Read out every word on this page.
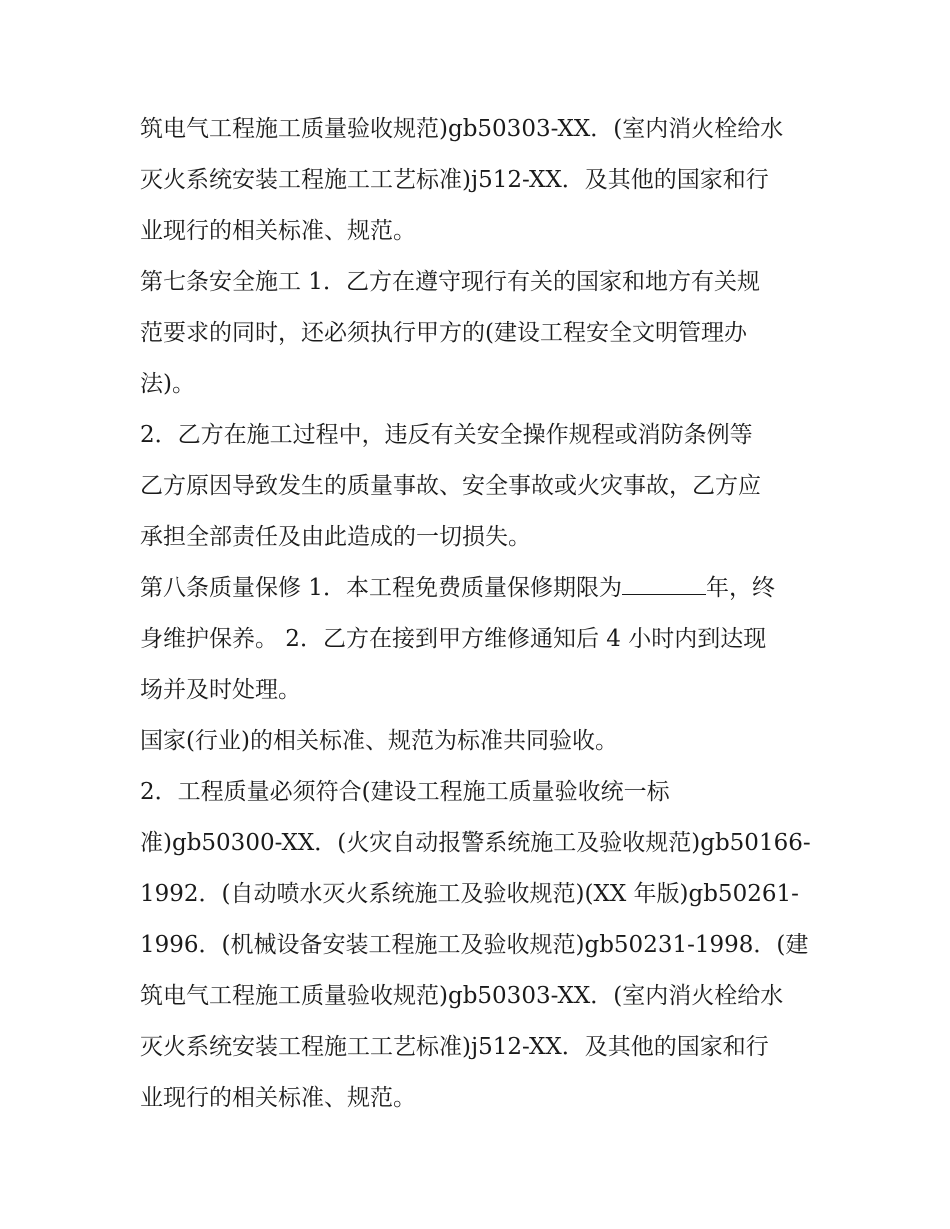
筑电气工程施工质量验收规范)gb50303-XX．(室内消火栓给水
灭火系统安装工程施工工艺标准)j512-XX．及其他的国家和行
业现行的相关标准、规范。
第七条安全施工 1．乙方在遵守现行有关的国家和地方有关规
范要求的同时，还必须执行甲方的(建设工程安全文明管理办
法)。
2．乙方在施工过程中，违反有关安全操作规程或消防条例等
乙方原因导致发生的质量事故、安全事故或火灾事故，乙方应
承担全部责任及由此造成的一切损失。
第八条质量保修 1．本工程免费质量保修期限为	年，终
身维护保养。 2．乙方在接到甲方维修通知后 4 小时内到达现
场并及时处理。
国家(行业)的相关标准、规范为标准共同验收。
2．工程质量必须符合(建设工程施工质量验收统一标
准)gb50300-XX．(火灾自动报警系统施工及验收规范)gb50166-
1992．(自动喷水灭火系统施工及验收规范)(XX 年版)gb50261-
1996．(机械设备安装工程施工及验收规范)gb50231-1998．(建
筑电气工程施工质量验收规范)gb50303-XX．(室内消火栓给水
灭火系统安装工程施工工艺标准)j512-XX．及其他的国家和行
业现行的相关标准、规范。
